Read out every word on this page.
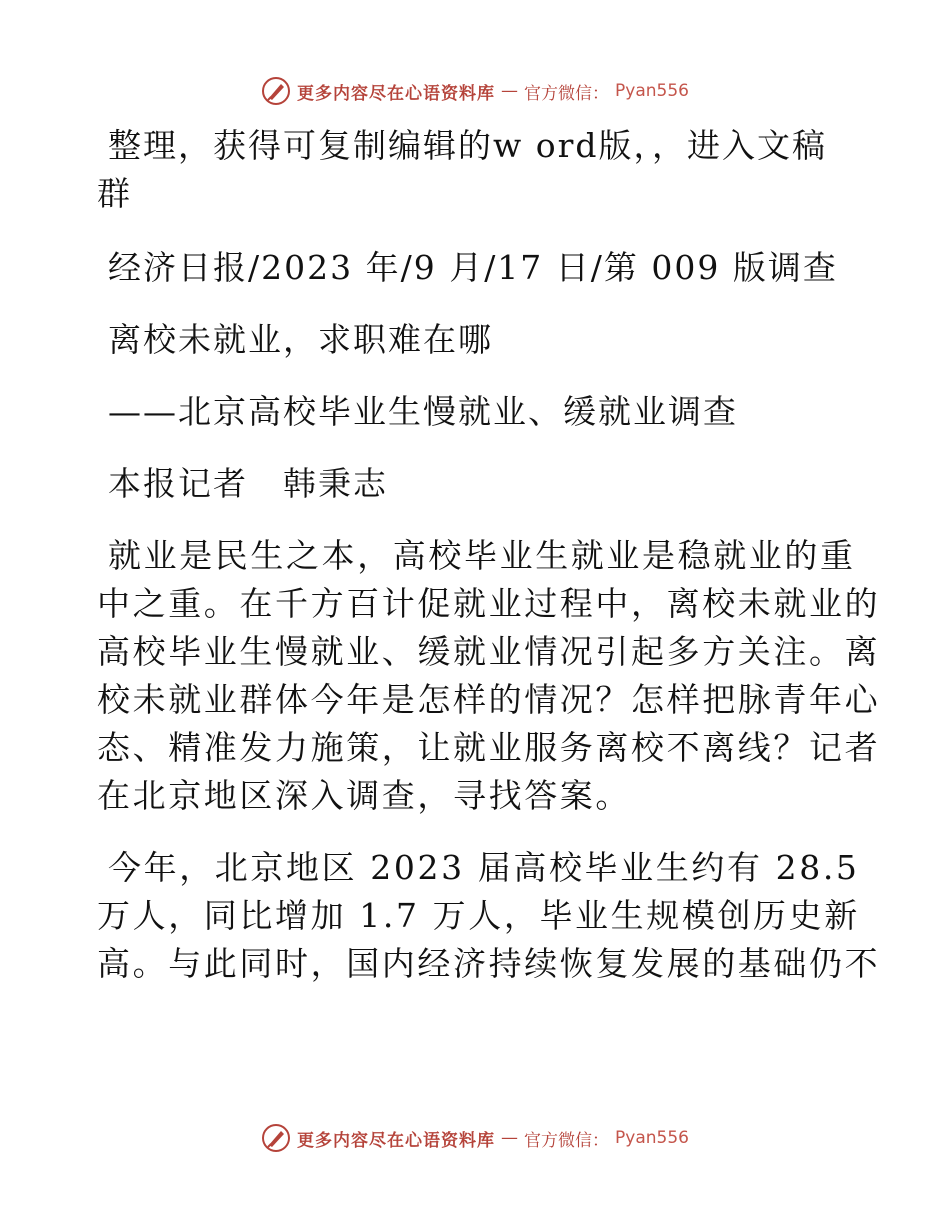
更多内容尽在心语资料库 — 官方微信： Pyan556
整理，获得可复制编辑的w ord版，，进入文稿
群
经济日报/2023 年/9 月/17 日/第 009 版调查
离校未就业，求职难在哪
——北京高校毕业生慢就业、缓就业调查
本报记者　韩秉志
就业是民生之本，高校毕业生就业是稳就业的重
中之重。在千方百计促就业过程中，离校未就业的
高校毕业生慢就业、缓就业情况引起多方关注。离
校未就业群体今年是怎样的情况？怎样把脉青年心
态、精准发力施策，让就业服务离校不离线？记者
在北京地区深入调查，寻找答案。
今年，北京地区 2023 届高校毕业生约有 28.5
万人，同比增加 1.7 万人，毕业生规模创历史新
高。与此同时，国内经济持续恢复发展的基础仍不
更多内容尽在心语资料库 — 官方微信： Pyan556
